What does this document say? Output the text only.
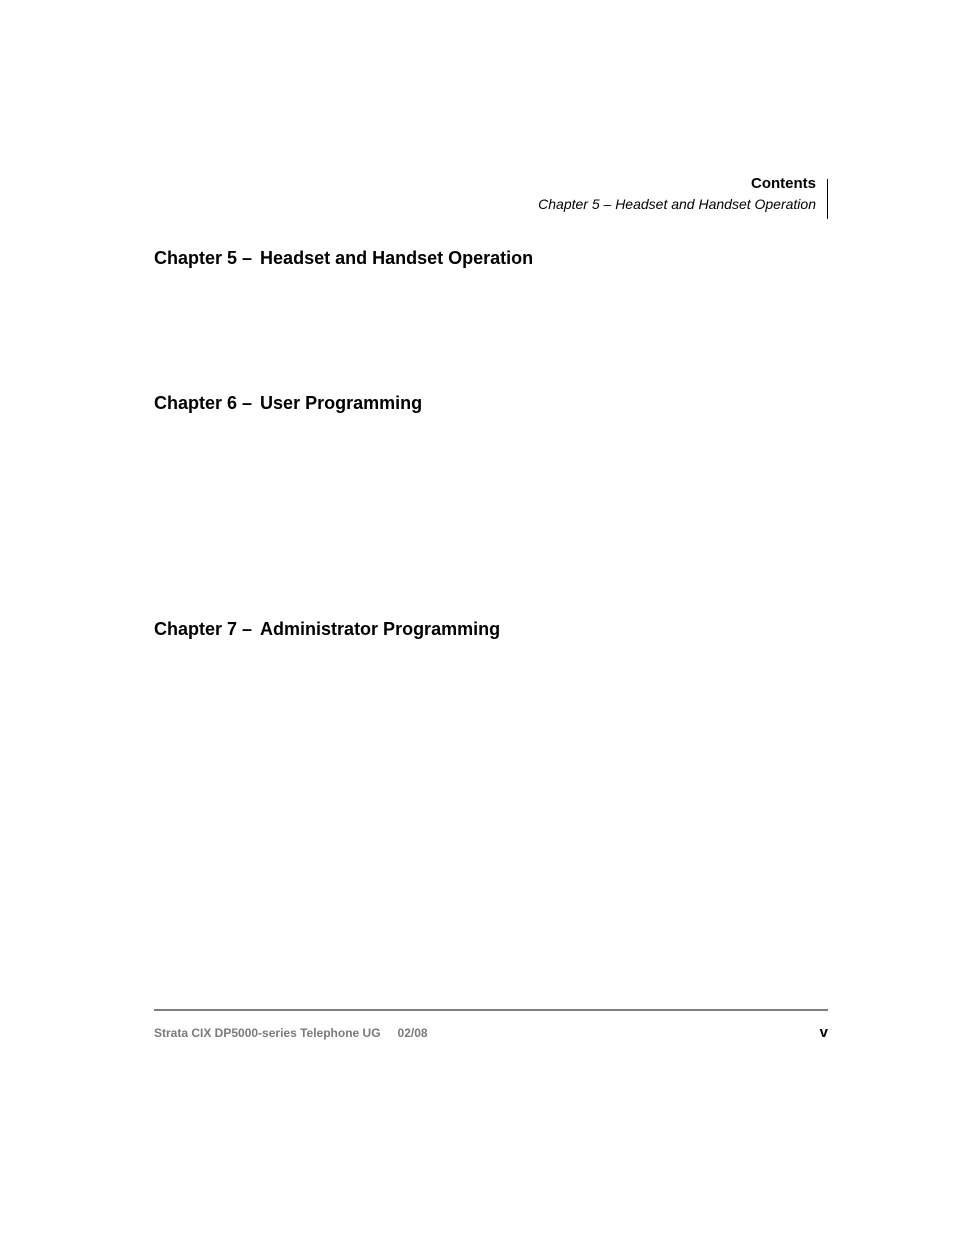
Contents
Chapter 5 – Headset and Handset Operation
Chapter 5 – Headset and Handset Operation
Chapter 6 – User Programming
Chapter 7 – Administrator Programming
Strata CIX DP5000-series Telephone UG 02/08	v
